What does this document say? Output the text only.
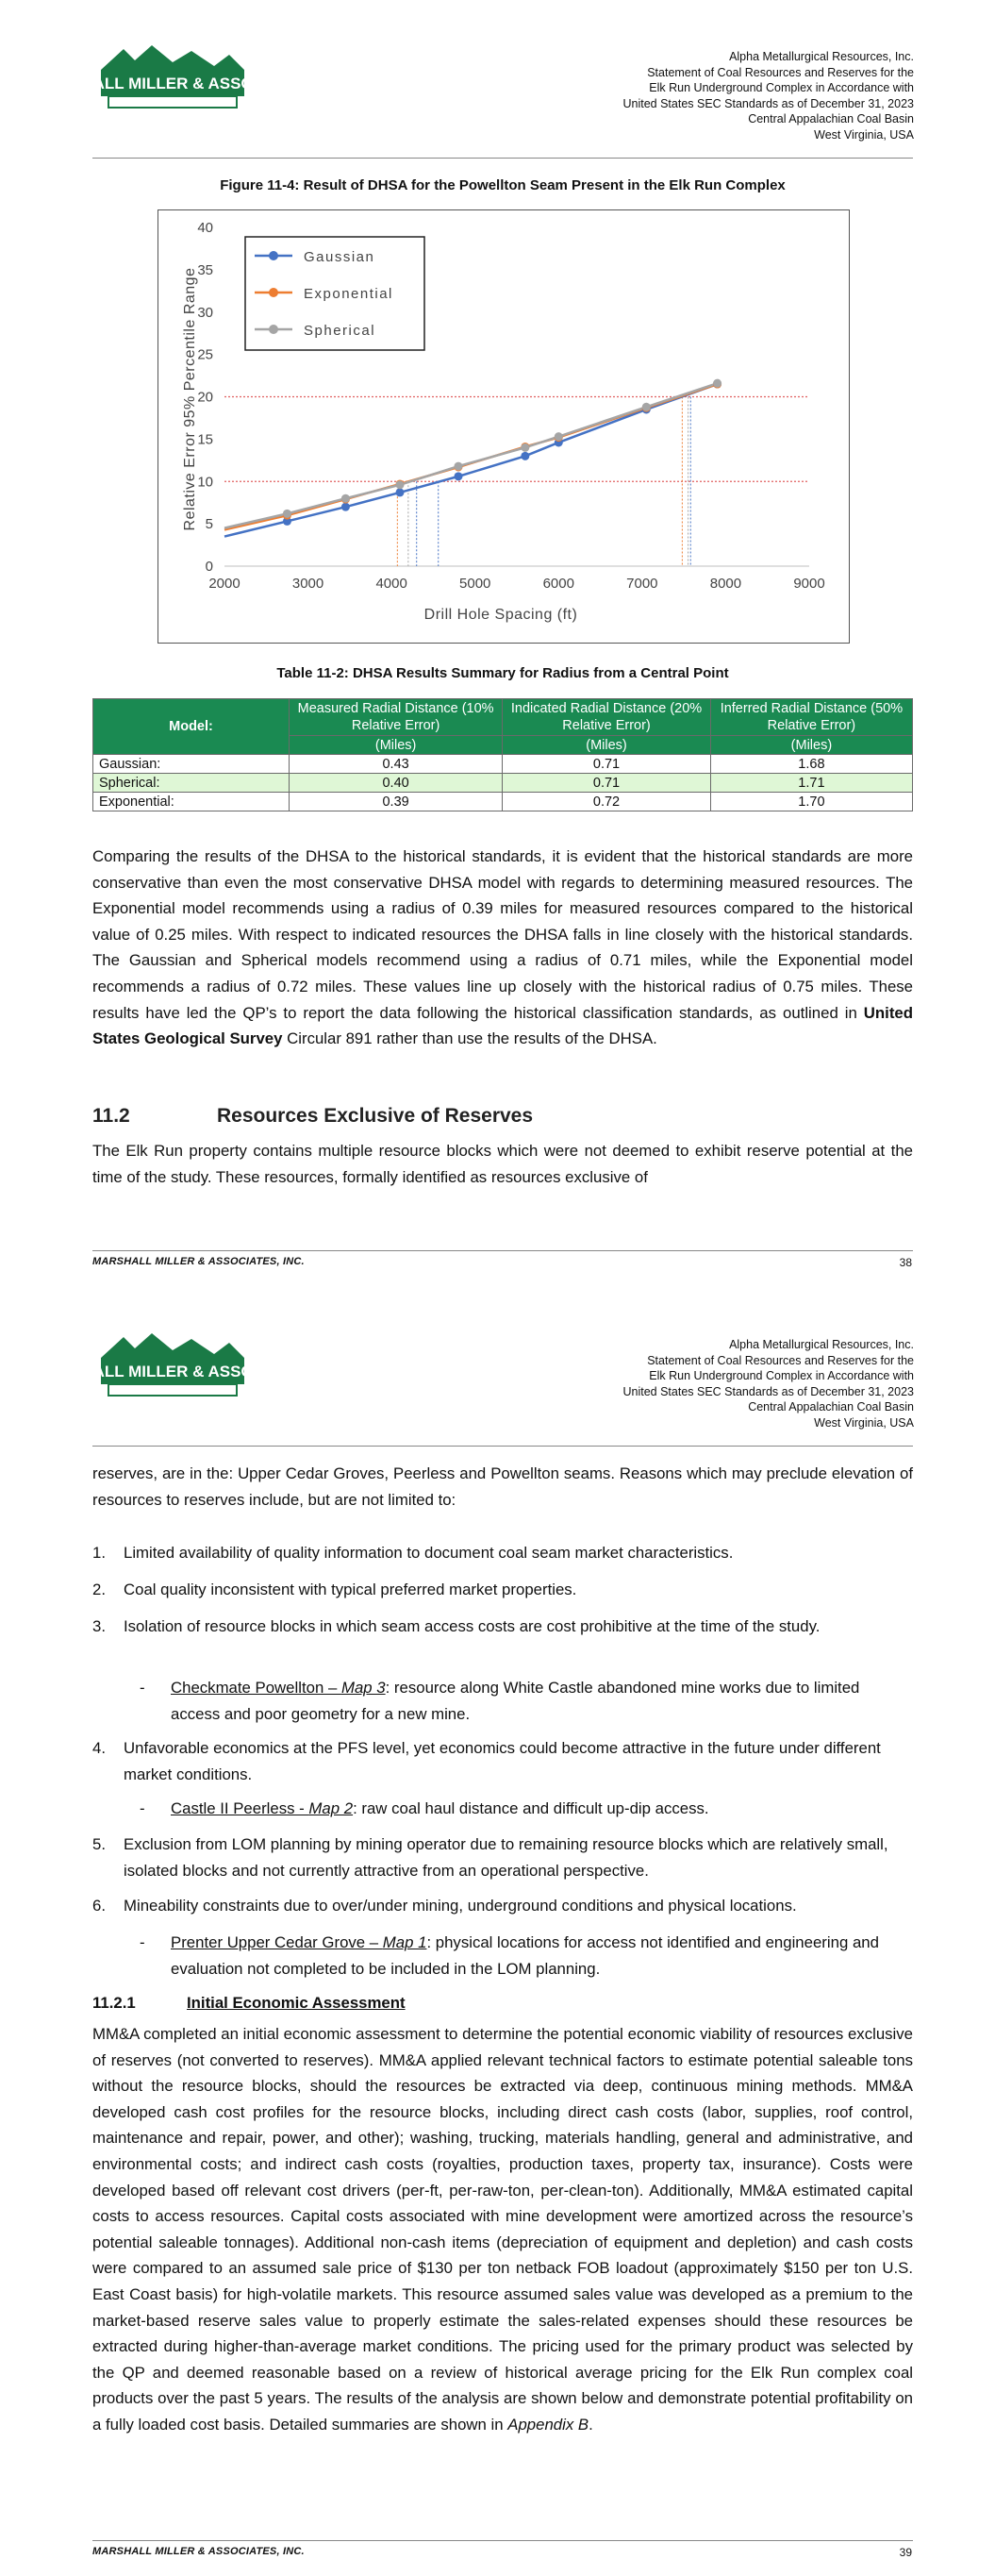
MARSHALL MILLER & ASSOCIATES
Alpha Metallurgical Resources, Inc.
Statement of Coal Resources and Reserves for the
Elk Run Underground Complex in Accordance with
United States SEC Standards as of December 31, 2023
Central Appalachian Coal Basin
West Virginia, USA
Figure 11-4: Result of DHSA for the Powellton Seam Present in the Elk Run Complex
0
5
10
15
20
25
30
35
40
2000	3000	4000	5000	6000	7000	8000	9000
Drill Hole Spacing (ft)
Relative Error 95% Percentile Range
Gaussian
Exponential
Spherical
Table 11-2: DHSA Results Summary for Radius from a Central Point
Model:	Measured Radial Distance (10% Relative Error)	Indicated Radial Distance (20% Relative Error)	Inferred Radial Distance (50% Relative Error)
	(Miles)	(Miles)	(Miles)
Gaussian:	0.43	0.71	1.68
Spherical:	0.40	0.71	1.71
Exponential:	0.39	0.72	1.70
Comparing the results of the DHSA to the historical standards, it is evident that the historical standards are more conservative than even the most conservative DHSA model with regards to determining measured resources. The Exponential model recommends using a radius of 0.39 miles for measured resources compared to the historical value of 0.25 miles. With respect to indicated resources the DHSA falls in line closely with the historical standards. The Gaussian and Spherical models recommend using a radius of 0.71 miles, while the Exponential model recommends a radius of 0.72 miles. These values line up closely with the historical radius of 0.75 miles. These results have led the QP’s to report the data following the historical classification standards, as outlined in United States Geological Survey Circular 891 rather than use the results of the DHSA.
11.2	Resources Exclusive of Reserves
The Elk Run property contains multiple resource blocks which were not deemed to exhibit reserve potential at the time of the study. These resources, formally identified as resources exclusive of
MARSHALL MILLER & ASSOCIATES, INC.	38
MARSHALL MILLER & ASSOCIATES
Alpha Metallurgical Resources, Inc.
Statement of Coal Resources and Reserves for the
Elk Run Underground Complex in Accordance with
United States SEC Standards as of December 31, 2023
Central Appalachian Coal Basin
West Virginia, USA
reserves, are in the: Upper Cedar Groves, Peerless and Powellton seams. Reasons which may preclude elevation of resources to reserves include, but are not limited to:
1. Limited availability of quality information to document coal seam market characteristics.
2. Coal quality inconsistent with typical preferred market properties.
3. Isolation of resource blocks in which seam access costs are cost prohibitive at the time of the study.
- Checkmate Powellton – Map 3: resource along White Castle abandoned mine works due to limited access and poor geometry for a new mine.
4. Unfavorable economics at the PFS level, yet economics could become attractive in the future under different market conditions.
- Castle II Peerless - Map 2: raw coal haul distance and difficult up-dip access.
5. Exclusion from LOM planning by mining operator due to remaining resource blocks which are relatively small, isolated blocks and not currently attractive from an operational perspective.
6. Mineability constraints due to over/under mining, underground conditions and physical locations.
- Prenter Upper Cedar Grove – Map 1: physical locations for access not identified and engineering and evaluation not completed to be included in the LOM planning.
11.2.1	Initial Economic Assessment
MM&A completed an initial economic assessment to determine the potential economic viability of resources exclusive of reserves (not converted to reserves). MM&A applied relevant technical factors to estimate potential saleable tons without the resource blocks, should the resources be extracted via deep, continuous mining methods. MM&A developed cash cost profiles for the resource blocks, including direct cash costs (labor, supplies, roof control, maintenance and repair, power, and other); washing, trucking, materials handling, general and administrative, and environmental costs; and indirect cash costs (royalties, production taxes, property tax, insurance). Costs were developed based off relevant cost drivers (per-ft, per-raw-ton, per-clean-ton). Additionally, MM&A estimated capital costs to access resources. Capital costs associated with mine development were amortized across the resource’s potential saleable tonnages). Additional non-cash items (depreciation of equipment and depletion) and cash costs were compared to an assumed sale price of $130 per ton netback FOB loadout (approximately $150 per ton U.S. East Coast basis) for high-volatile markets. This resource assumed sales value was developed as a premium to the market-based reserve sales value to properly estimate the sales-related expenses should these resources be extracted during higher-than-average market conditions. The pricing used for the primary product was selected by the QP and deemed reasonable based on a review of historical average pricing for the Elk Run complex coal products over the past 5 years. The results of the analysis are shown below and demonstrate potential profitability on a fully loaded cost basis. Detailed summaries are shown in Appendix B.
MARSHALL MILLER & ASSOCIATES, INC.	39
